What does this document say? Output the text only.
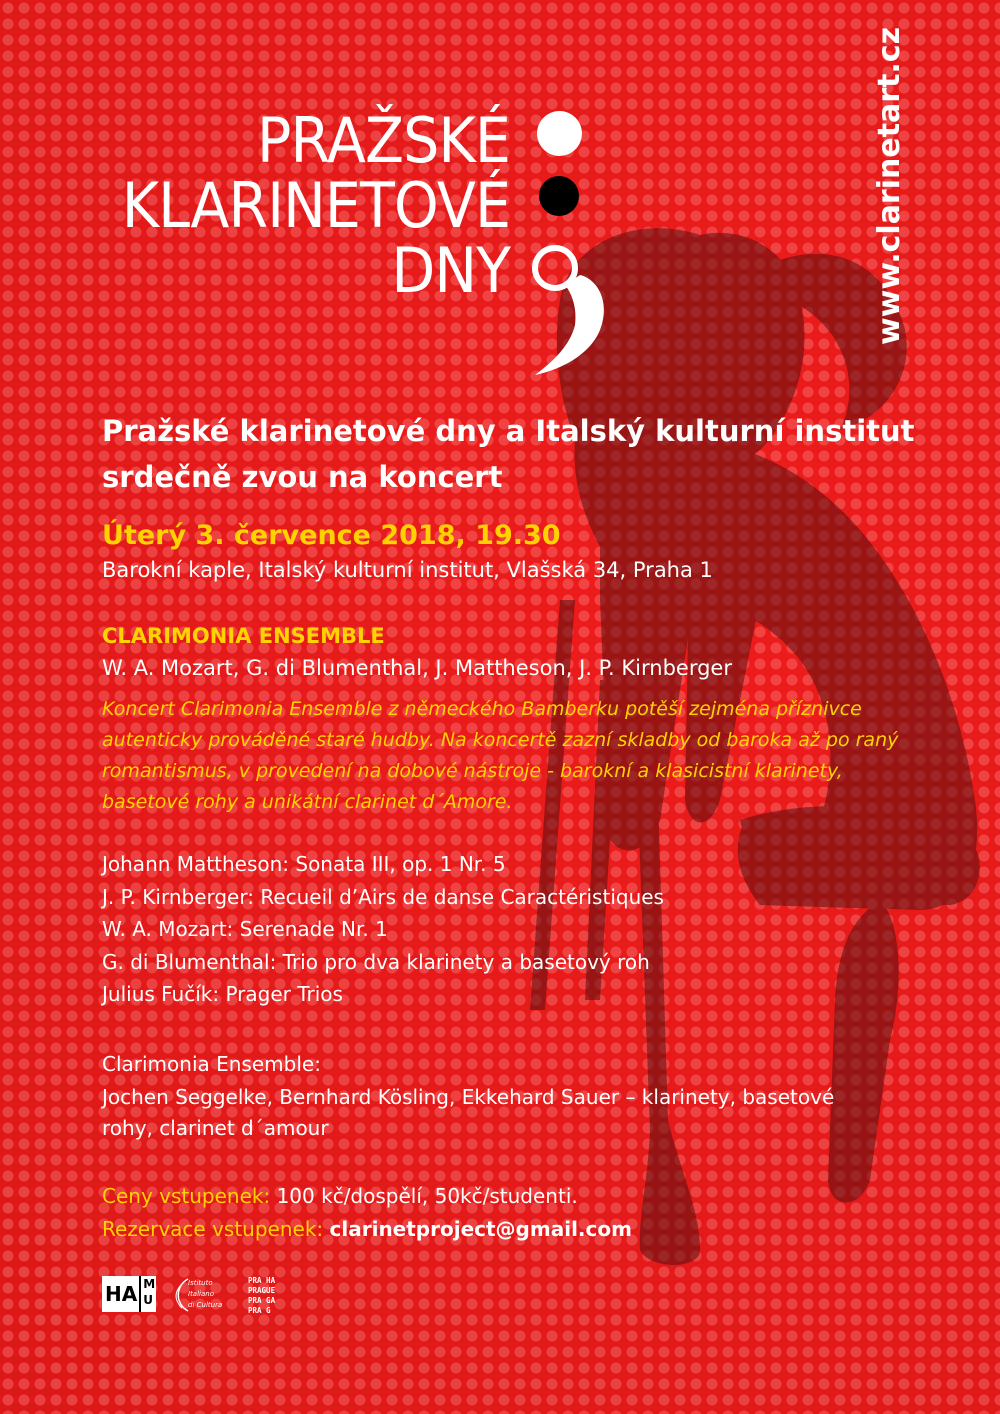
PRAŽSKÉ
KLARINETOVÉ
DNY	www.clarinetart.cz
Pražské klarinetové dny a Italský kulturní institut
srdečně zvou na koncert
Úterý 3. července 2018, 19.30
Barokní kaple, Italský kulturní institut, Vlašská 34, Praha 1
CLARIMONIA ENSEMBLE
W. A. Mozart, G. di Blumenthal, J. Mattheson, J. P. Kirnberger
Koncert Clarimonia Ensemble z německého Bamberku potěší zejména příznivce autenticky prováděné staré hudby. Na koncertě zazní skladby od baroka až po raný romantismus, v provedení na dobové nástroje - barokní a klasicistní klarinety, basetové rohy a unikátní clarinet d´Amore.
Johann Mattheson: Sonata III, op. 1 Nr. 5
J. P. Kirnberger: Recueil d’Airs de danse Caractéristiques
W. A. Mozart: Serenade Nr. 1
G. di Blumenthal: Trio pro dva klarinety a basetový roh
Julius Fučík: Prager Trios
Clarimonia Ensemble:
Jochen Seggelke, Bernhard Kösling, Ekkehard Sauer – klarinety, basetové rohy, clarinet d´amour
Ceny vstupenek: 100 kč/dospělí, 50kč/studenti.
Rezervace vstupenek: clarinetproject@gmail.com
HA M
U
Istituto
Italiano
di Cultura
PRA HA
PRAGUE
PRA GA
PRA G
